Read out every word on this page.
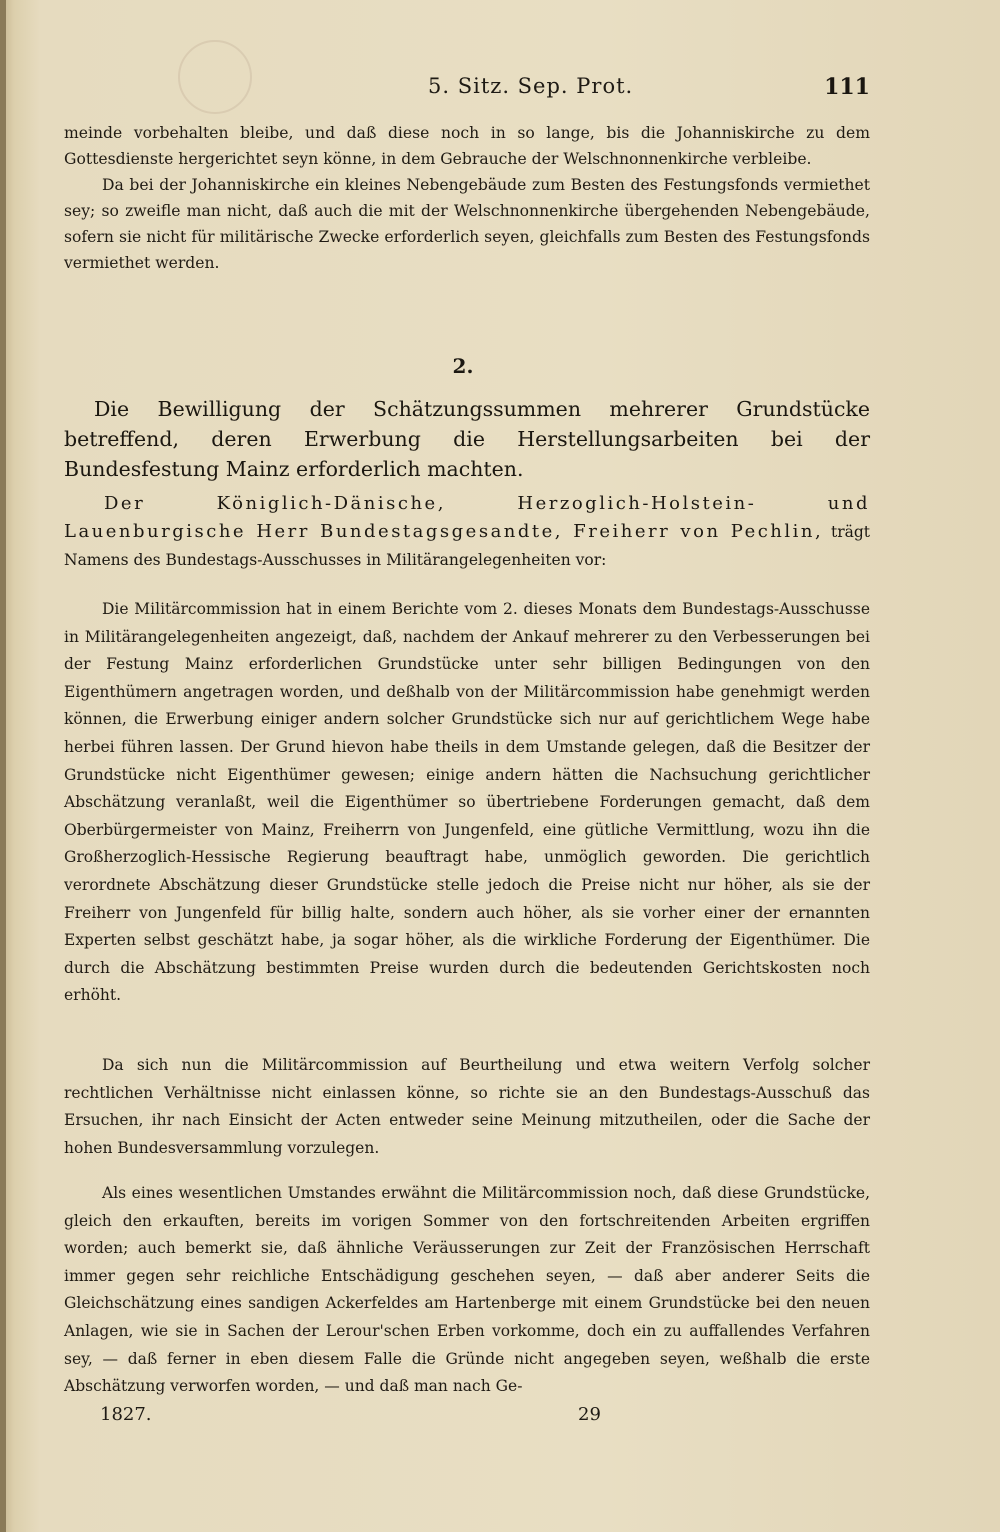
5. Sitz. Sep. Prot.	111

meinde vorbehalten bleibe, und daß diese noch in so lange, bis die Johanniskirche zu dem Gottesdienste hergerichtet seyn könne, in dem Gebrauche der Welschnonnenkirche verbleibe.

Da bei der Johanniskirche ein kleines Nebengebäude zum Besten des Festungsfonds vermiethet sey; so zweifle man nicht, daß auch die mit der Welschnonnenkirche übergehenden Nebengebäude, sofern sie nicht für militärische Zwecke erforderlich seyen, gleichfalls zum Besten des Festungsfonds vermiethet werden.

2.
Die Bewilligung der Schätzungssummen mehrerer Grundstücke betreffend, deren Erwerbung die Herstellungsarbeiten bei der Bundesfestung Mainz erforderlich machten.
Der Königlich-Dänische, Herzoglich-Holstein- und Lauenburgische Herr Bundestagsgesandte, Freiherr von Pechlin, trägt Namens des Bundestags-Ausschusses in Militärangelegenheiten vor:

Die Militärcommission hat in einem Berichte vom 2. dieses Monats dem Bundestags-Ausschusse in Militärangelegenheiten angezeigt, daß, nachdem der Ankauf mehrerer zu den Verbesserungen bei der Festung Mainz erforderlichen Grundstücke unter sehr billigen Bedingungen von den Eigenthümern angetragen worden, und deßhalb von der Militärcommission habe genehmigt werden können, die Erwerbung einiger andern solcher Grundstücke sich nur auf gerichtlichem Wege habe herbei führen lassen. Der Grund hievon habe theils in dem Umstande gelegen, daß die Besitzer der Grundstücke nicht Eigenthümer gewesen; einige andern hätten die Nachsuchung gerichtlicher Abschätzung veranlaßt, weil die Eigenthümer so übertriebene Forderungen gemacht, daß dem Oberbürgermeister von Mainz, Freiherrn von Jungenfeld, eine gütliche Vermittlung, wozu ihn die Großherzoglich-Hessische Regierung beauftragt habe, unmöglich geworden. Die gerichtlich verordnete Abschätzung dieser Grundstücke stelle jedoch die Preise nicht nur höher, als sie der Freiherr von Jungenfeld für billig halte, sondern auch höher, als sie vorher einer der ernannten Experten selbst geschätzt habe, ja sogar höher, als die wirkliche Forderung der Eigenthümer. Die durch die Abschätzung bestimmten Preise wurden durch die bedeutenden Gerichtskosten noch erhöht.

Da sich nun die Militärcommission auf Beurtheilung und etwa weitern Verfolg solcher rechtlichen Verhältnisse nicht einlassen könne, so richte sie an den Bundestags-Ausschuß das Ersuchen, ihr nach Einsicht der Acten entweder seine Meinung mitzutheilen, oder die Sache der hohen Bundesversammlung vorzulegen.

Als eines wesentlichen Umstandes erwähnt die Militärcommission noch, daß diese Grundstücke, gleich den erkauften, bereits im vorigen Sommer von den fortschreitenden Arbeiten ergriffen worden; auch bemerkt sie, daß ähnliche Veräusserungen zur Zeit der Französischen Herrschaft immer gegen sehr reichliche Entschädigung geschehen seyen, — daß aber anderer Seits die Gleichschätzung eines sandigen Ackerfeldes am Hartenberge mit einem Grundstücke bei den neuen Anlagen, wie sie in Sachen der Lerour'schen Erben vorkomme, doch ein zu auffallendes Verfahren sey, — daß ferner in eben diesem Falle die Gründe nicht angegeben seyen, weßhalb die erste Abschätzung verworfen worden, — und daß man nach Ge-

1827.	29
